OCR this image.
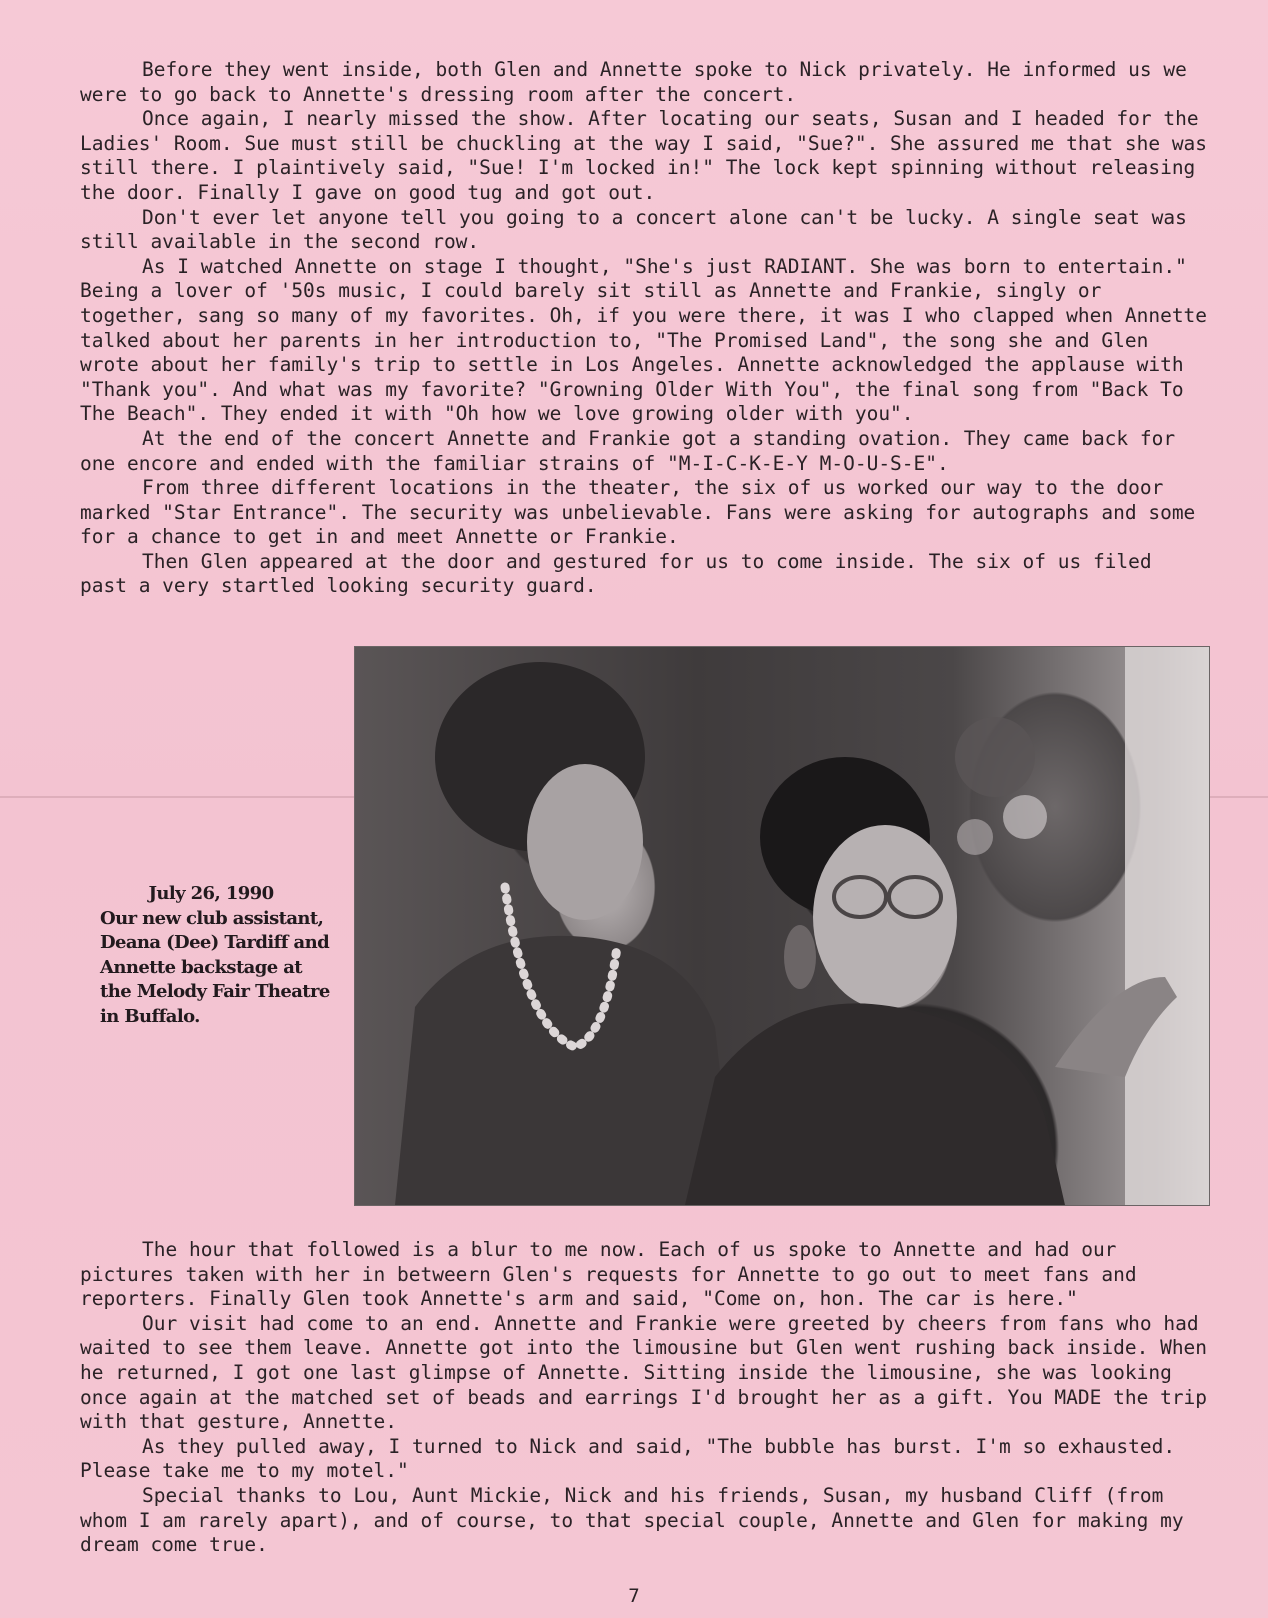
Before they went inside, both Glen and Annette spoke to Nick privately. He informed us we were to go back to Annette's dressing room after the concert.

Once again, I nearly missed the show. After locating our seats, Susan and I headed for the Ladies' Room. Sue must still be chuckling at the way I said, "Sue?". She assured me that she was still there. I plaintively said, "Sue! I'm locked in!" The lock kept spinning without releasing the door. Finally I gave on good tug and got out.

Don't ever let anyone tell you going to a concert alone can't be lucky. A single seat was still available in the second row.

As I watched Annette on stage I thought, "She's just RADIANT. She was born to entertain." Being a lover of '50s music, I could barely sit still as Annette and Frankie, singly or together, sang so many of my favorites. Oh, if you were there, it was I who clapped when Annette talked about her parents in her introduction to, "The Promised Land", the song she and Glen wrote about her family's trip to settle in Los Angeles. Annette acknowledged the applause with "Thank you". And what was my favorite? "Growning Older With You", the final song from "Back To The Beach". They ended it with "Oh how we love growing older with you".

At the end of the concert Annette and Frankie got a standing ovation. They came back for one encore and ended with the familiar strains of "M-I-C-K-E-Y M-O-U-S-E".

From three different locations in the theater, the six of us worked our way to the door marked "Star Entrance". The security was unbelievable. Fans were asking for autographs and some for a chance to get in and meet Annette or Frankie.

Then Glen appeared at the door and gestured for us to come inside. The six of us filed past a very startled looking security guard.

July 26, 1990
Our new club assistant,
Deana (Dee) Tardiff and
Annette backstage at
the Melody Fair Theatre
in Buffalo.

The hour that followed is a blur to me now. Each of us spoke to Annette and had our pictures taken with her in betweern Glen's requests for Annette to go out to meet fans and reporters. Finally Glen took Annette's arm and said, "Come on, hon. The car is here."

Our visit had come to an end. Annette and Frankie were greeted by cheers from fans who had waited to see them leave. Annette got into the limousine but Glen went rushing back inside. When he returned, I got one last glimpse of Annette. Sitting inside the limousine, she was looking once again at the matched set of beads and earrings I'd brought her as a gift. You MADE the trip with that gesture, Annette.

As they pulled away, I turned to Nick and said, "The bubble has burst. I'm so exhausted. Please take me to my motel."

Special thanks to Lou, Aunt Mickie, Nick and his friends, Susan, my husband Cliff (from whom I am rarely apart), and of course, to that special couple, Annette and Glen for making my dream come true.

7
